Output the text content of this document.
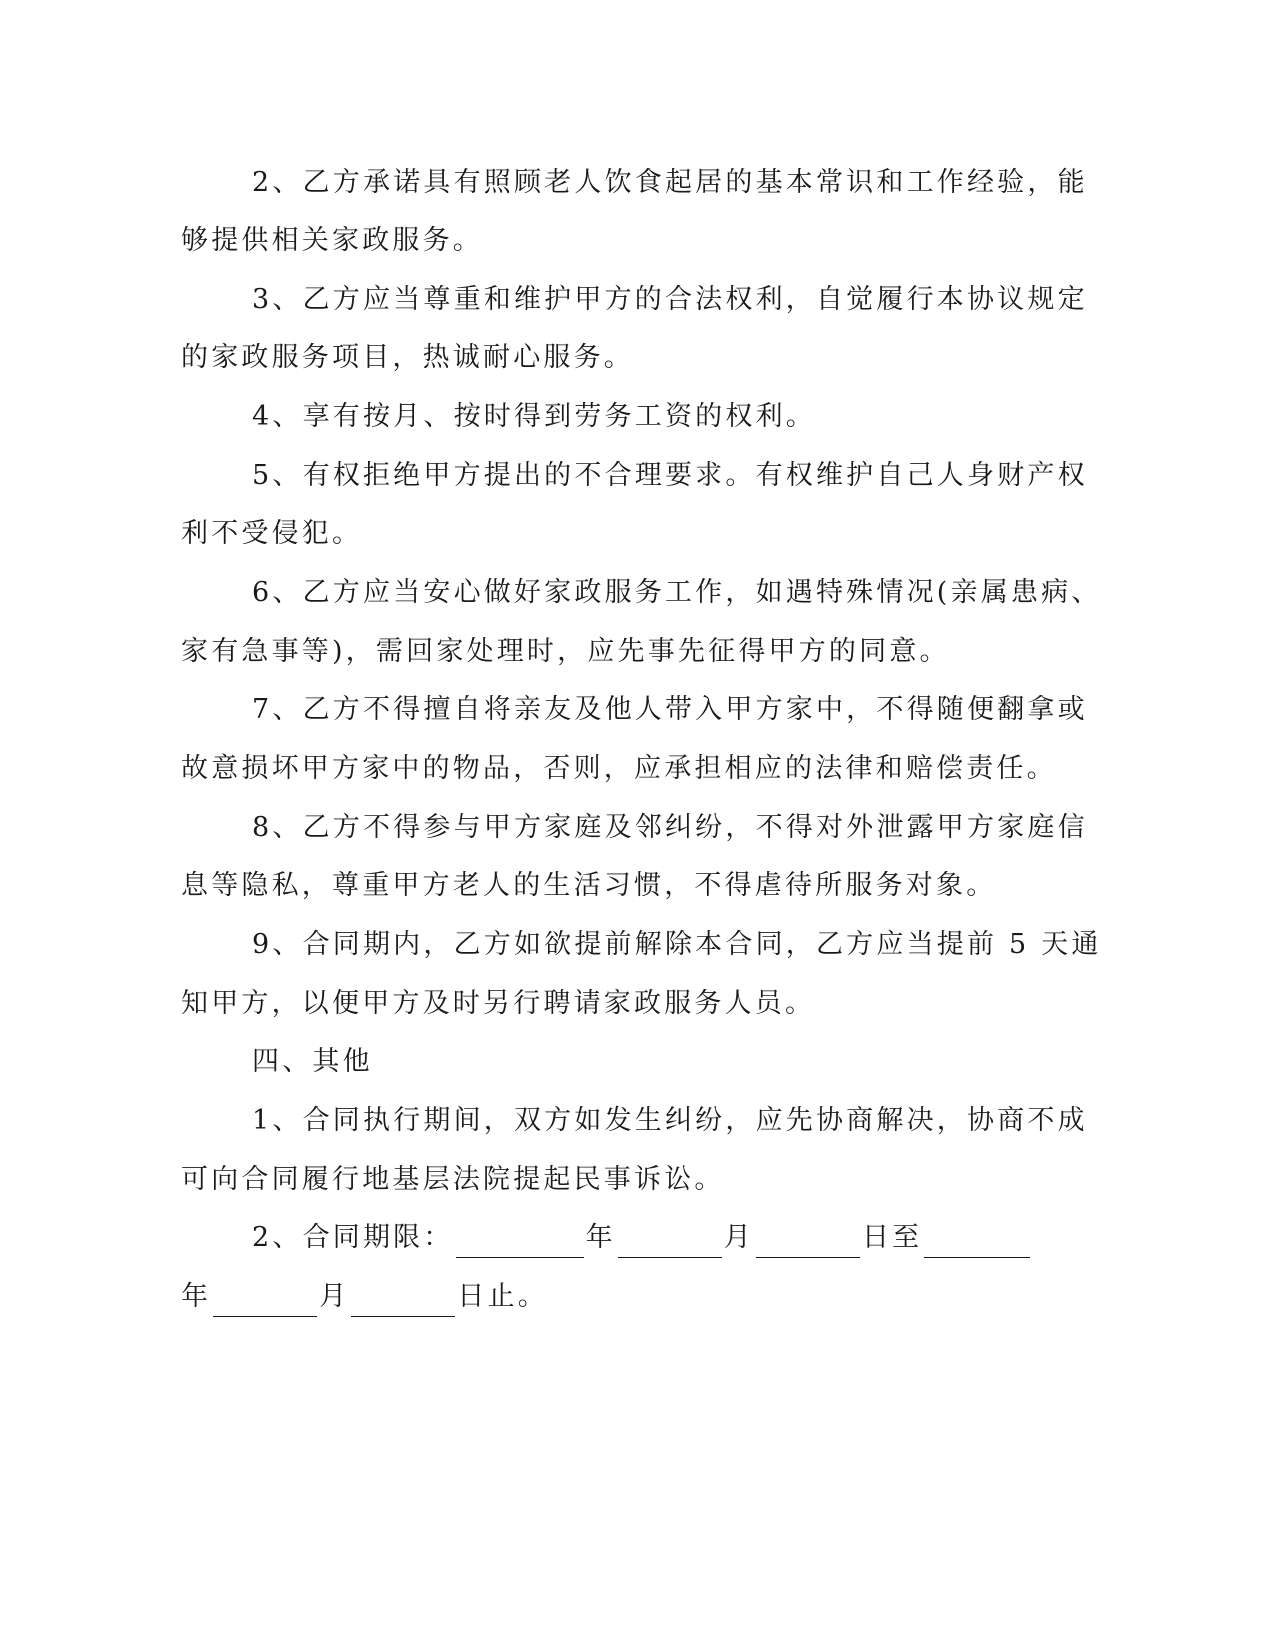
2、乙方承诺具有照顾老人饮食起居的基本常识和工作经验，能

够提供相关家政服务。

3、乙方应当尊重和维护甲方的合法权利，自觉履行本协议规定

的家政服务项目，热诚耐心服务。

4、享有按月、按时得到劳务工资的权利。

5、有权拒绝甲方提出的不合理要求。有权维护自己人身财产权

利不受侵犯。

6、乙方应当安心做好家政服务工作，如遇特殊情况(亲属患病、

家有急事等)，需回家处理时，应先事先征得甲方的同意。

7、乙方不得擅自将亲友及他人带入甲方家中，不得随便翻拿或

故意损坏甲方家中的物品，否则，应承担相应的法律和赔偿责任。

8、乙方不得参与甲方家庭及邻纠纷，不得对外泄露甲方家庭信

息等隐私，尊重甲方老人的生活习惯，不得虐待所服务对象。

9、合同期内，乙方如欲提前解除本合同，乙方应当提前 5 天通

知甲方，以便甲方及时另行聘请家政服务人员。

四、其他

1、合同执行期间，双方如发生纠纷，应先协商解决，协商不成

可向合同履行地基层法院提起民事诉讼。

2、合同期限：	年	月	日至

年	月	日止。
